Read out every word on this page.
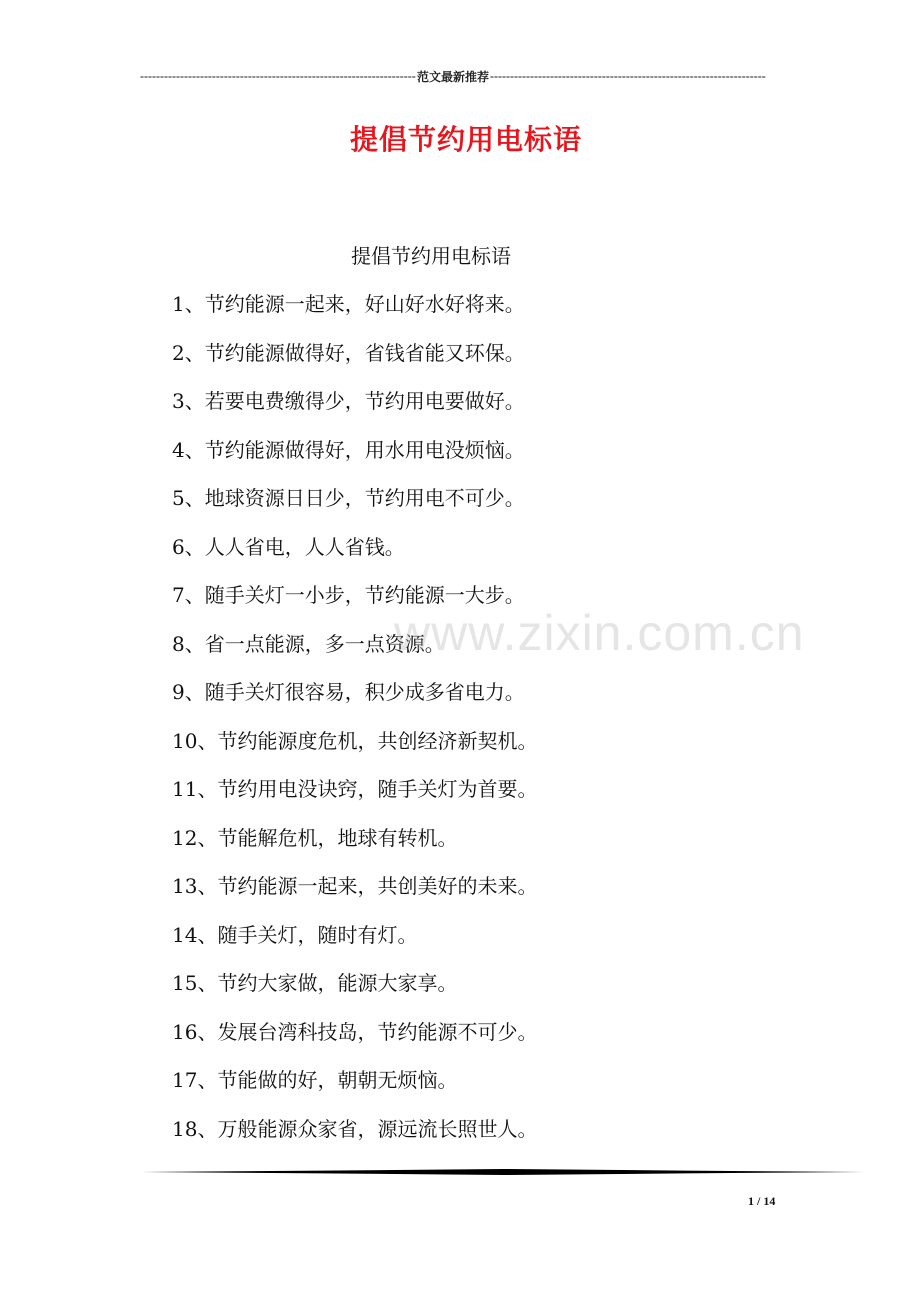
-----
范文最新推荐
-----
提倡节约用电标语
提倡节约用电标语
1、节约能源一起来，好山好水好将来。
2、节约能源做得好，省钱省能又环保。
3、若要电费缴得少，节约用电要做好。
4、节约能源做得好，用水用电没烦恼。
5、地球资源日日少，节约用电不可少。
6、人人省电，人人省钱。
7、随手关灯一小步，节约能源一大步。
8、省一点能源，多一点资源。
9、随手关灯很容易，积少成多省电力。
10、节约能源度危机，共创经济新契机。
11、节约用电没诀窍，随手关灯为首要。
12、节能解危机，地球有转机。
13、节约能源一起来，共创美好的未来。
14、随手关灯，随时有灯。
15、节约大家做，能源大家享。
16、发展台湾科技岛，节约能源不可少。
17、节能做的好，朝朝无烦恼。
18、万般能源众家省，源远流长照世人。
www.zixin.com.cn
1 / 14
